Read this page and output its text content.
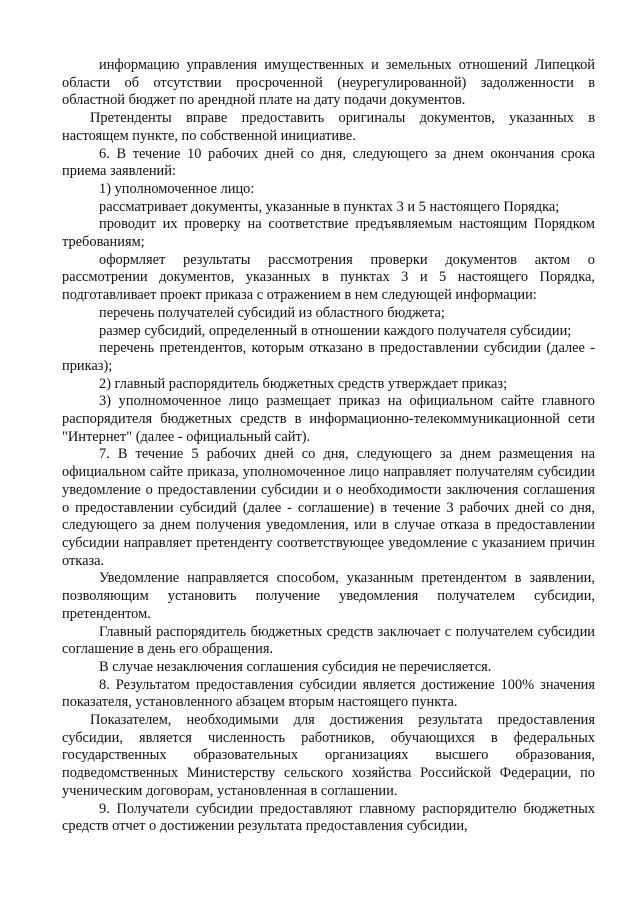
информацию управления имущественных и земельных отношений Липецкой области об отсутствии просроченной (неурегулированной) задолженности в областной бюджет по арендной плате на дату подачи документов.

Претенденты вправе предоставить оригиналы документов, указанных в настоящем пункте, по собственной инициативе.

6. В течение 10 рабочих дней со дня, следующего за днем окончания срока приема заявлений:

1) уполномоченное лицо:

рассматривает документы, указанные в пунктах 3 и 5 настоящего Порядка;

проводит их проверку на соответствие предъявляемым настоящим Порядком требованиям;

оформляет результаты рассмотрения проверки документов актом о рассмотрении документов, указанных в пунктах 3 и 5 настоящего Порядка, подготавливает проект приказа с отражением в нем следующей информации:

перечень получателей субсидий из областного бюджета;

размер субсидий, определенный в отношении каждого получателя субсидии;

перечень претендентов, которым отказано в предоставлении субсидии (далее - приказ);

2) главный распорядитель бюджетных средств утверждает приказ;

3) уполномоченное лицо размещает приказ на официальном сайте главного распорядителя бюджетных средств в информационно-телекоммуникационной сети "Интернет" (далее - официальный сайт).

7. В течение 5 рабочих дней со дня, следующего за днем размещения на официальном сайте приказа, уполномоченное лицо направляет получателям субсидии уведомление о предоставлении субсидии и о необходимости заключения соглашения о предоставлении субсидий (далее - соглашение) в течение 3 рабочих дней со дня, следующего за днем получения уведомления, или в случае отказа в предоставлении субсидии направляет претенденту соответствующее уведомление с указанием причин отказа.

Уведомление направляется способом, указанным претендентом в заявлении, позволяющим установить получение уведомления получателем субсидии, претендентом.

Главный распорядитель бюджетных средств заключает с получателем субсидии соглашение в день его обращения.

В случае незаключения соглашения субсидия не перечисляется.

8. Результатом предоставления субсидии является достижение 100% значения показателя, установленного абзацем вторым настоящего пункта.

Показателем, необходимыми для достижения результата предоставления субсидии, является численность работников, обучающихся в федеральных государственных образовательных организациях высшего образования, подведомственных Министерству сельского хозяйства Российской Федерации, по ученическим договорам, установленная в соглашении.

9. Получатели субсидии предоставляют главному распорядителю бюджетных средств отчет о достижении результата предоставления субсидии,
